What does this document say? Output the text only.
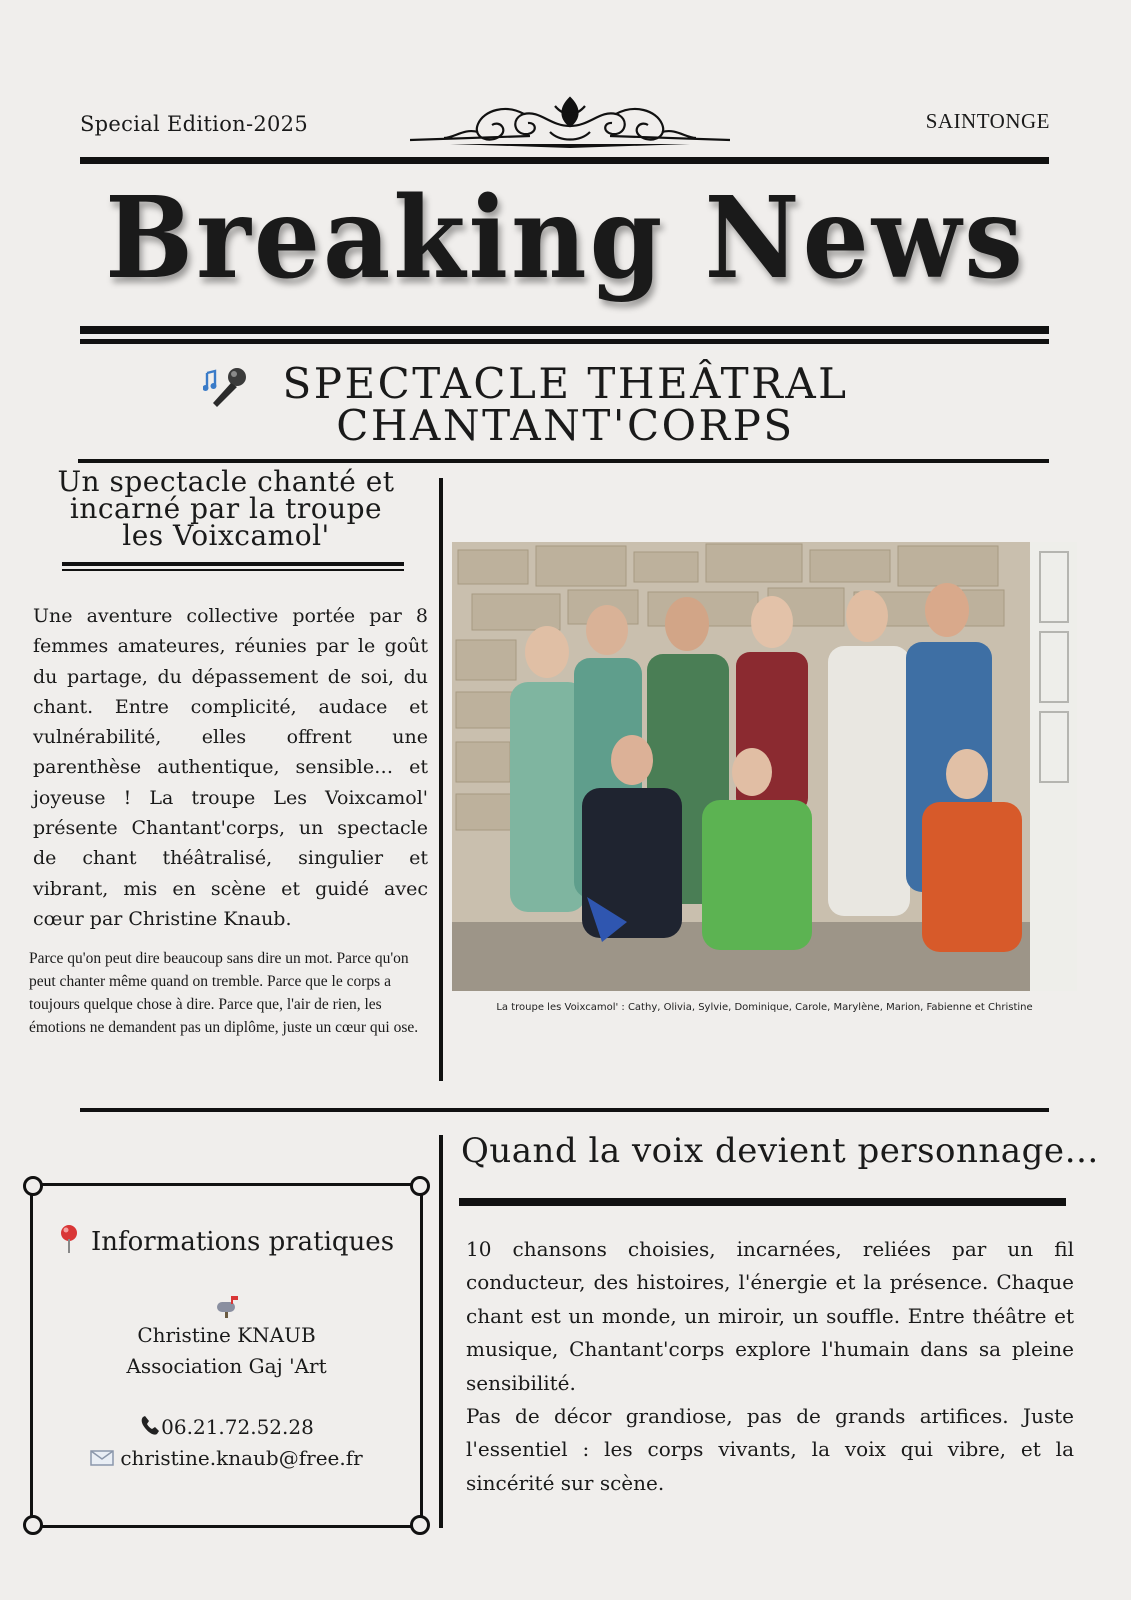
Special Edition-2025	SAINTONGE
Breaking News
SPECTACLE THEÂTRAL
CHANTANT'CORPS
Un spectacle chanté et
incarné par la troupe
les Voixcamol'
Une aventure collective portée par 8 femmes amateures, réunies par le goût du partage, du dépassement de soi, du chant. Entre complicité, audace et vulnérabilité, elles offrent une parenthèse authentique, sensible… et joyeuse ! La troupe Les Voixcamol' présente Chantant'corps, un spectacle de chant théâtralisé, singulier et vibrant, mis en scène et guidé avec cœur par Christine Knaub.
Parce qu'on peut dire beaucoup sans dire un mot. Parce qu'on peut chanter même quand on tremble. Parce que le corps a toujours quelque chose à dire. Parce que, l'air de rien, les émotions ne demandent pas un diplôme, juste un cœur qui ose.
La troupe les Voixcamol' : Cathy, Olivia, Sylvie, Dominique, Carole, Marylène, Marion, Fabienne et Christine
Informations pratiques
Christine KNAUB
Association Gaj 'Art
06.21.72.52.28
christine.knaub@free.fr
Quand la voix devient personnage…

10 chansons choisies, incarnées, reliées par un fil conducteur, des histoires, l'énergie et la présence. Chaque chant est un monde, un miroir, un souffle. Entre théâtre et musique, Chantant'corps explore l'humain dans sa pleine sensibilité.

Pas de décor grandiose, pas de grands artifices. Juste l'essentiel : les corps vivants, la voix qui vibre, et la sincérité sur scène.
